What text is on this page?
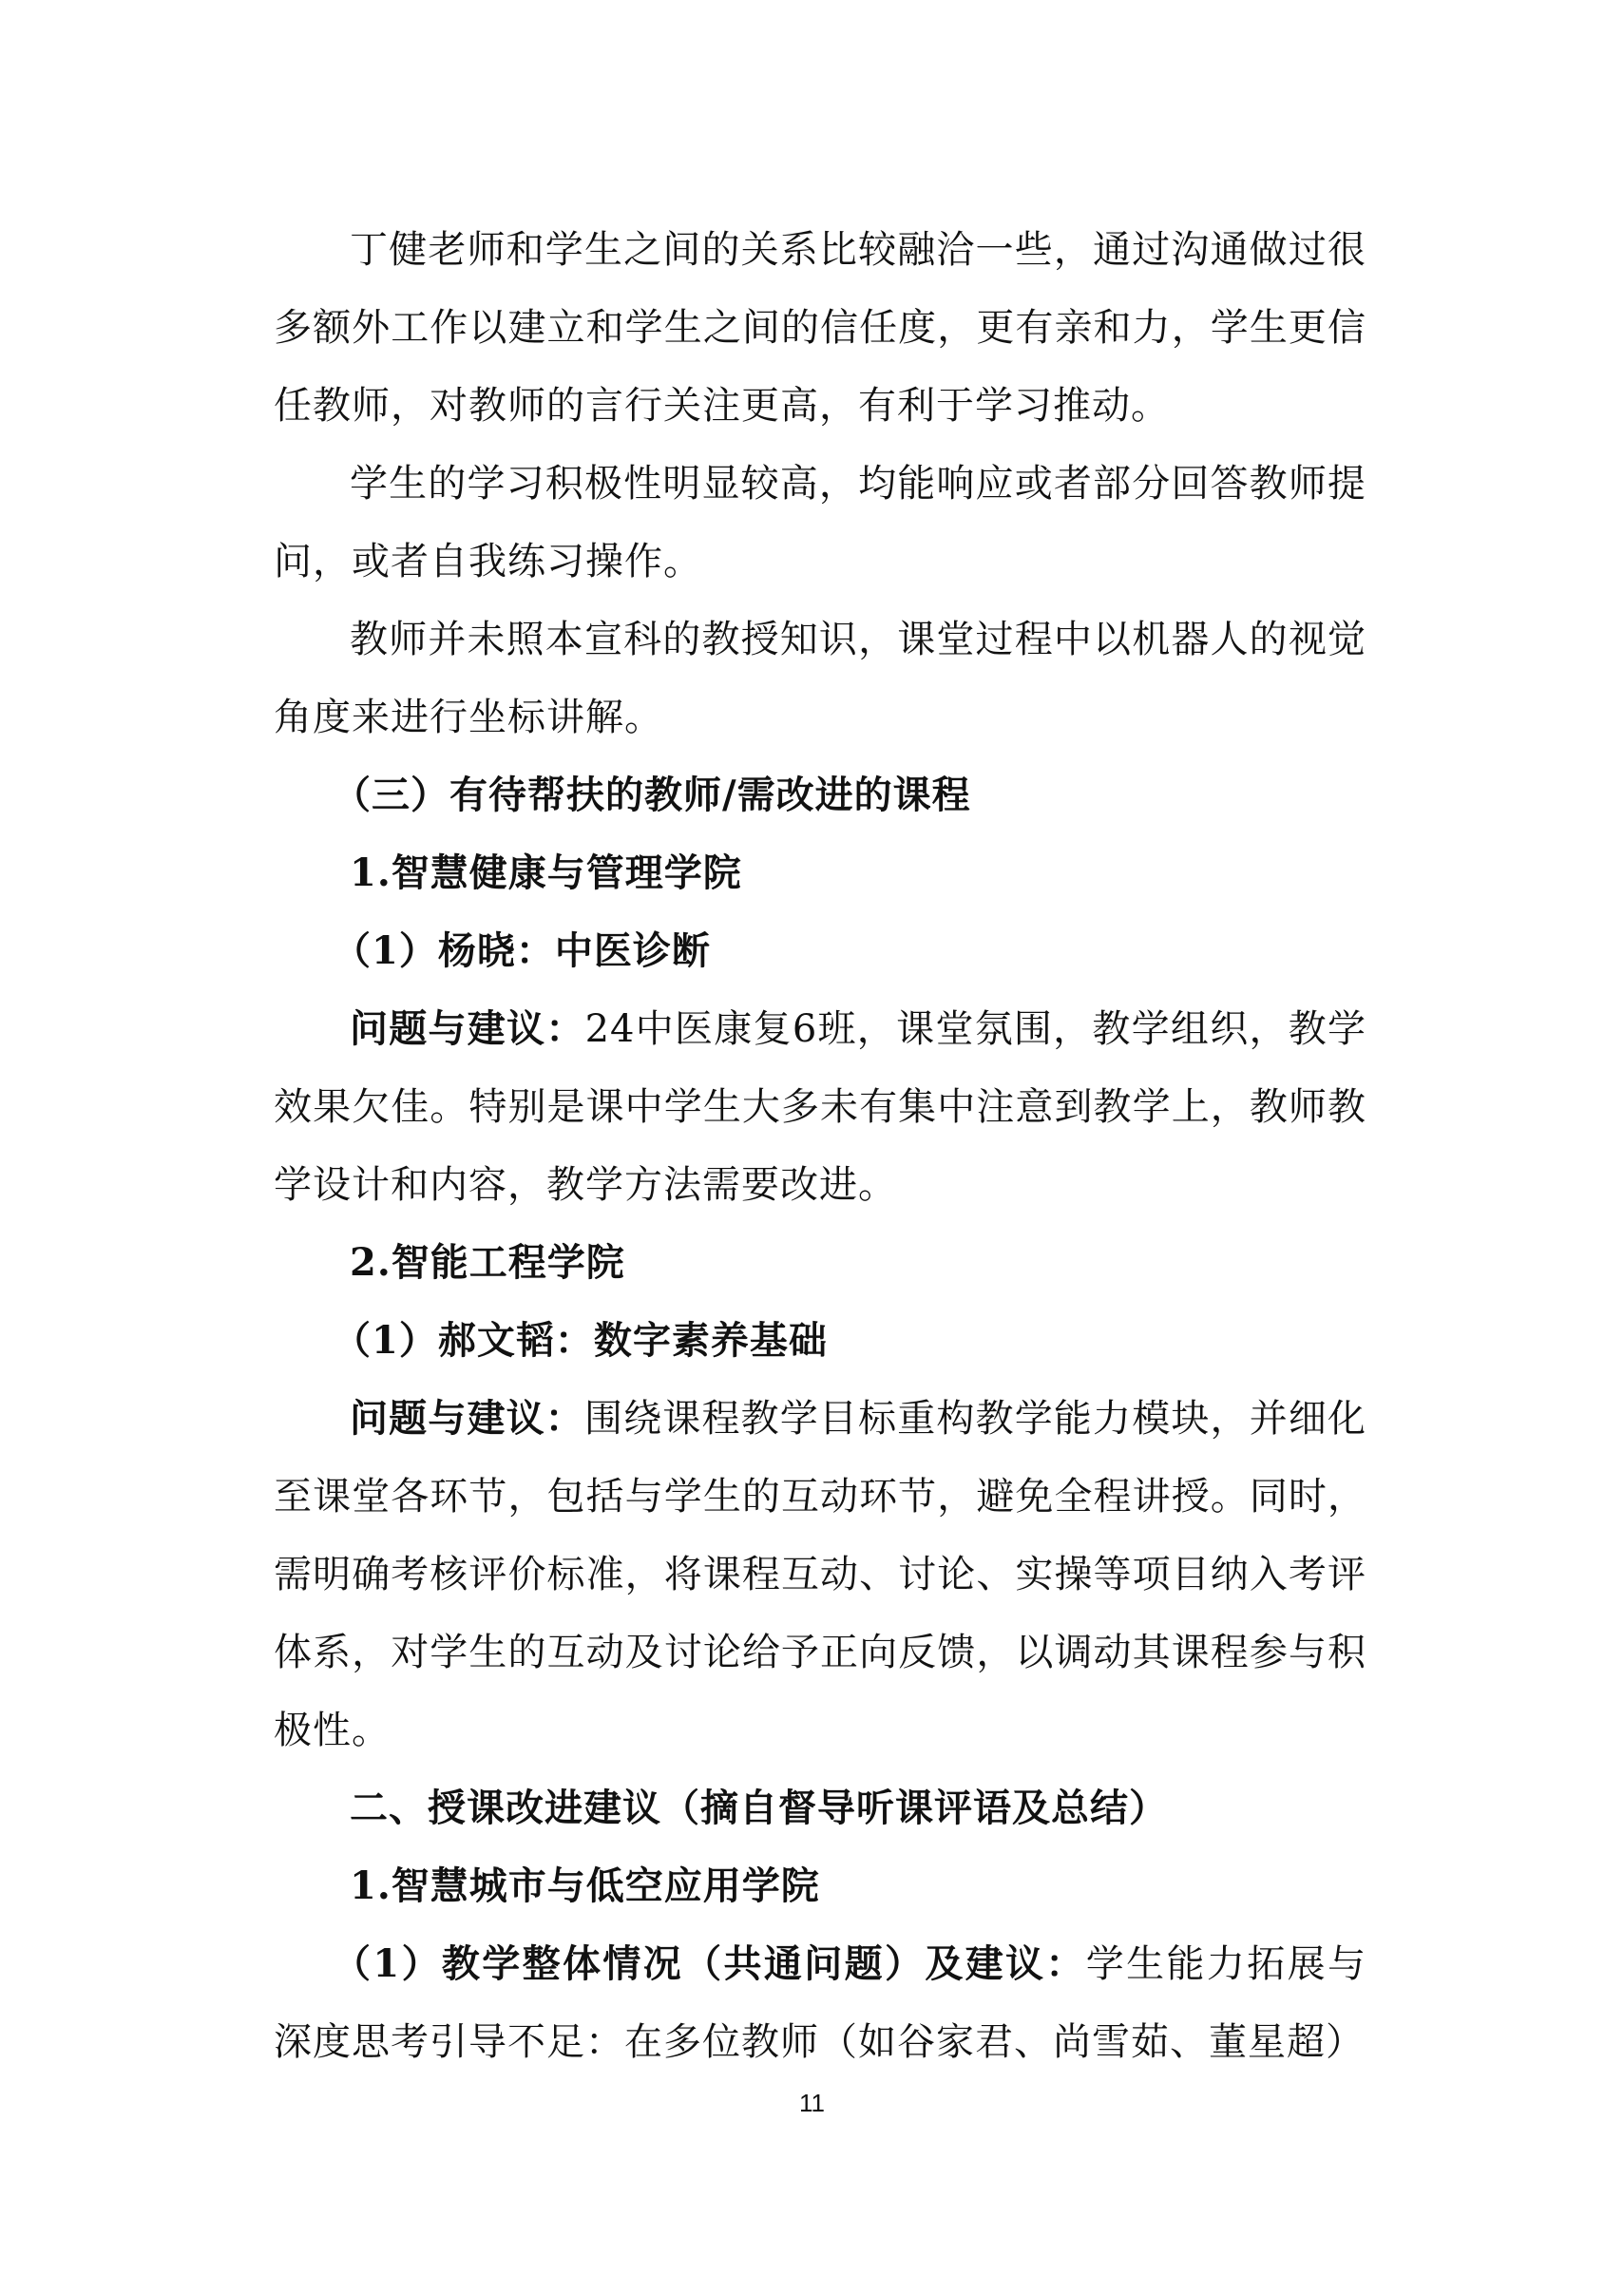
丁健老师和学生之间的关系比较融洽一些，通过沟通做过很多额外工作以建立和学生之间的信任度，更有亲和力，学生更信任教师，对教师的言行关注更高，有利于学习推动。

学生的学习积极性明显较高，均能响应或者部分回答教师提问，或者自我练习操作。

教师并未照本宣科的教授知识，课堂过程中以机器人的视觉角度来进行坐标讲解。

（三）有待帮扶的教师/需改进的课程

1.智慧健康与管理学院

（1）杨晓：中医诊断

问题与建议：24中医康复6班，课堂氛围，教学组织，教学效果欠佳。特别是课中学生大多未有集中注意到教学上，教师教学设计和内容，教学方法需要改进。

2.智能工程学院

（1）郝文韬：数字素养基础

问题与建议：围绕课程教学目标重构教学能力模块，并细化至课堂各环节，包括与学生的互动环节，避免全程讲授。同时，需明确考核评价标准，将课程互动、讨论、实操等项目纳入考评体系，对学生的互动及讨论给予正向反馈，以调动其课程参与积极性。

二、授课改进建议（摘自督导听课评语及总结）

1.智慧城市与低空应用学院

（1）教学整体情况（共通问题）及建议：学生能力拓展与深度思考引导不足：在多位教师（如谷家君、尚雪茹、董星超）

11
